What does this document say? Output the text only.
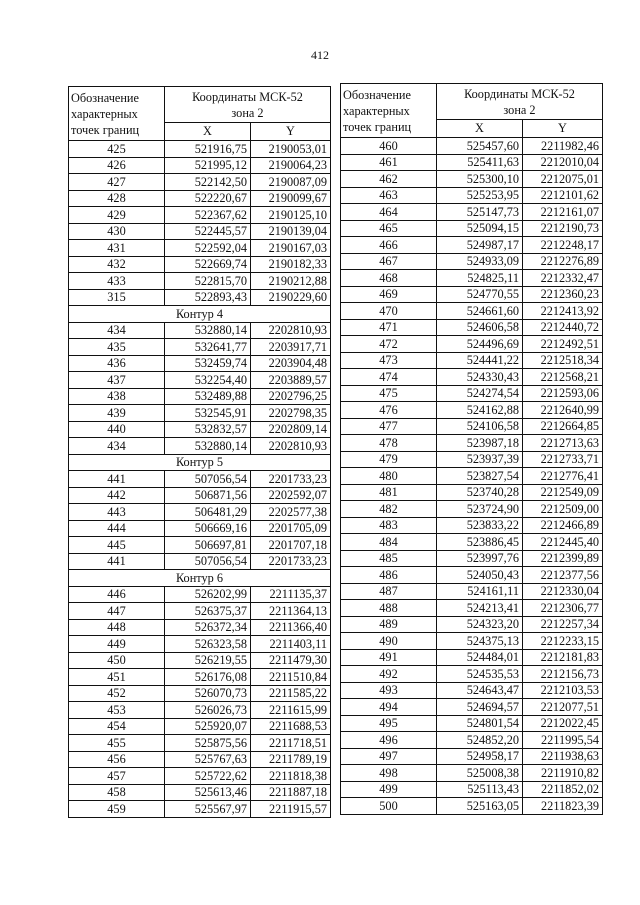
412
Обозначение
характерных
точек границ	Координаты МСК-52
зона 2	
	X	Y
425	521916,75	2190053,01
426	521995,12	2190064,23
427	522142,50	2190087,09
428	522220,67	2190099,67
429	522367,62	2190125,10
430	522445,57	2190139,04
431	522592,04	2190167,03
432	522669,74	2190182,33
433	522815,70	2190212,88
315	522893,43	2190229,60
Контур 4		
434	532880,14	2202810,93
435	532641,77	2203917,71
436	532459,74	2203904,48
437	532254,40	2203889,57
438	532489,88	2202796,25
439	532545,91	2202798,35
440	532832,57	2202809,14
434	532880,14	2202810,93
Контур 5		
441	507056,54	2201733,23
442	506871,56	2202592,07
443	506481,29	2202577,38
444	506669,16	2201705,09
445	506697,81	2201707,18
441	507056,54	2201733,23
Контур 6		
446	526202,99	2211135,37
447	526375,37	2211364,13
448	526372,34	2211366,40
449	526323,58	2211403,11
450	526219,55	2211479,30
451	526176,08	2211510,84
452	526070,73	2211585,22
453	526026,73	2211615,99
454	525920,07	2211688,53
455	525875,56	2211718,51
456	525767,63	2211789,19
457	525722,62	2211818,38
458	525613,46	2211887,18
459	525567,97	2211915,57
Обозначение
характерных
точек границ	Координаты МСК-52
зона 2	
	X	Y
460	525457,60	2211982,46
461	525411,63	2212010,04
462	525300,10	2212075,01
463	525253,95	2212101,62
464	525147,73	2212161,07
465	525094,15	2212190,73
466	524987,17	2212248,17
467	524933,09	2212276,89
468	524825,11	2212332,47
469	524770,55	2212360,23
470	524661,60	2212413,92
471	524606,58	2212440,72
472	524496,69	2212492,51
473	524441,22	2212518,34
474	524330,43	2212568,21
475	524274,54	2212593,06
476	524162,88	2212640,99
477	524106,58	2212664,85
478	523987,18	2212713,63
479	523937,39	2212733,71
480	523827,54	2212776,41
481	523740,28	2212549,09
482	523724,90	2212509,00
483	523833,22	2212466,89
484	523886,45	2212445,40
485	523997,76	2212399,89
486	524050,43	2212377,56
487	524161,11	2212330,04
488	524213,41	2212306,77
489	524323,20	2212257,34
490	524375,13	2212233,15
491	524484,01	2212181,83
492	524535,53	2212156,73
493	524643,47	2212103,53
494	524694,57	2212077,51
495	524801,54	2212022,45
496	524852,20	2211995,54
497	524958,17	2211938,63
498	525008,38	2211910,82
499	525113,43	2211852,02
500	525163,05	2211823,39
